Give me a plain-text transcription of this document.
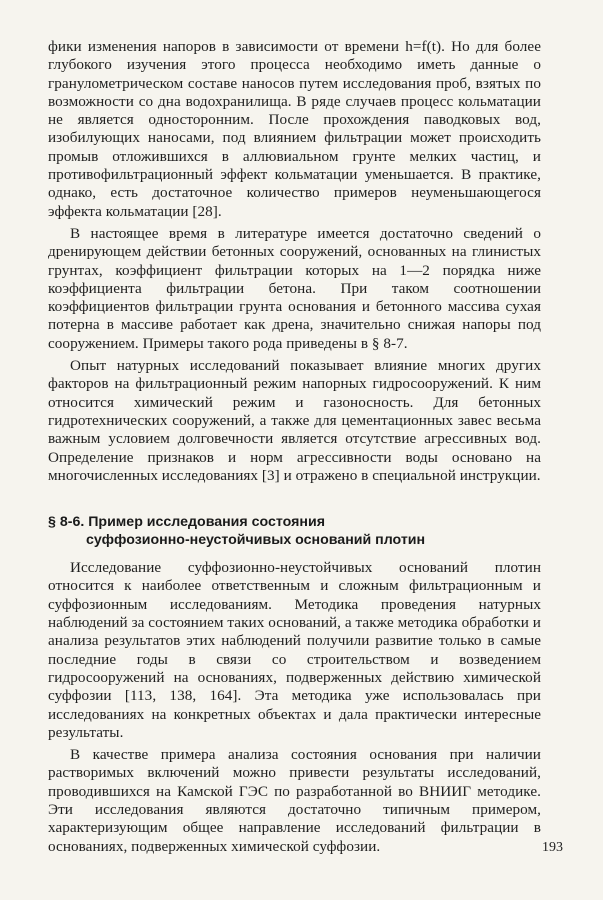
фики изменения напоров в зависимости от времени h=f(t). Но для более глубокого изучения этого процесса необходимо иметь данные о гранулометрическом составе наносов путем исследования проб, взятых по возможности со дна водохранилища. В ряде случаев процесс кольматации не является односторонним. После прохождения паводковых вод, изобилующих наносами, под влиянием фильтрации может происходить промыв отложившихся в аллювиальном грунте мелких частиц, и противофильтрационный эффект кольматации уменьшается. В практике, однако, есть достаточное количество примеров неуменьшающегося эффекта кольматации [28].

В настоящее время в литературе имеется достаточно сведений о дренирующем действии бетонных сооружений, основанных на глинистых грунтах, коэффициент фильтрации которых на 1—2 порядка ниже коэффициента фильтрации бетона. При таком соотношении коэффициентов фильтрации грунта основания и бетонного массива сухая потерна в массиве работает как дрена, значительно снижая напоры под сооружением. Примеры такого рода приведены в § 8-7.

Опыт натурных исследований показывает влияние многих других факторов на фильтрационный режим напорных гидросооружений. К ним относится химический режим и газоносность. Для бетонных гидротехнических сооружений, а также для цементационных завес весьма важным условием долговечности является отсутствие агрессивных вод. Определение признаков и норм агрессивности воды основано на многочисленных исследованиях [3] и отражено в специальной инструкции.

§ 8-6. Пример исследования состояния
суффозионно-неустойчивых оснований плотин

Исследование суффозионно-неустойчивых оснований плотин относится к наиболее ответственным и сложным фильтрационным и суффозионным исследованиям. Методика проведения натурных наблюдений за состоянием таких оснований, а также методика обработки и анализа результатов этих наблюдений получили развитие только в самые последние годы в связи со строительством и возведением гидросооружений на основаниях, подверженных действию химической суффозии [113, 138, 164]. Эта методика уже использовалась при исследованиях на конкретных объектах и дала практически интересные результаты.

В качестве примера анализа состояния основания при наличии растворимых включений можно привести результаты исследований, проводившихся на Камской ГЭС по разработанной во ВНИИГ методике. Эти исследования являются достаточно типичным примером, характеризующим общее направление исследований фильтрации в основаниях, подверженных химической суффозии.	193
